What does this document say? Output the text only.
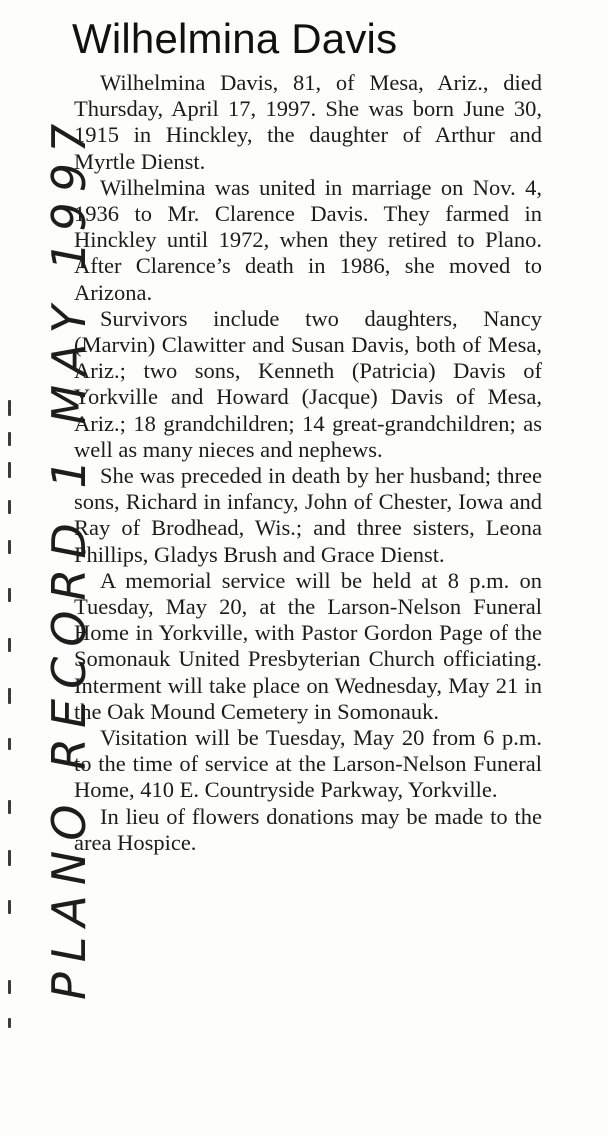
Wilhelmina Davis

Wilhelmina Davis, 81, of Mesa, Ariz., died Thursday, April 17, 1997. She was born June 30, 1915 in Hinckley, the daughter of Arthur and Myrtle Dienst.

Wilhelmina was united in marriage on Nov. 4, 1936 to Mr. Clarence Davis. They farmed in Hinckley until 1972, when they retired to Plano. After Clarence’s death in 1986, she moved to Arizona.

Survivors include two daughters, Nancy (Marvin) Clawitter and Susan Davis, both of Mesa, Ariz.; two sons, Kenneth (Patricia) Davis of Yorkville and Howard (Jacque) Davis of Mesa, Ariz.; 18 grandchildren; 14 great-grandchildren; as well as many nieces and nephews.

She was preceded in death by her husband; three sons, Richard in infancy, John of Chester, Iowa and Ray of Brodhead, Wis.; and three sisters, Leona Phillips, Gladys Brush and Grace Dienst.

A memorial service will be held at 8 p.m. on Tuesday, May 20, at the Larson-Nelson Funeral Home in Yorkville, with Pastor Gordon Page of the Somonauk United Presbyterian Church officiating. Interment will take place on Wednesday, May 21 in the Oak Mound Cemetery in Somonauk.

Visitation will be Tuesday, May 20 from 6 p.m. to the time of service at the Larson-Nelson Funeral Home, 410 E. Countryside Parkway, Yorkville.

In lieu of flowers donations may be made to the area Hospice.

PLANO RECORD 1 MAY 1997
